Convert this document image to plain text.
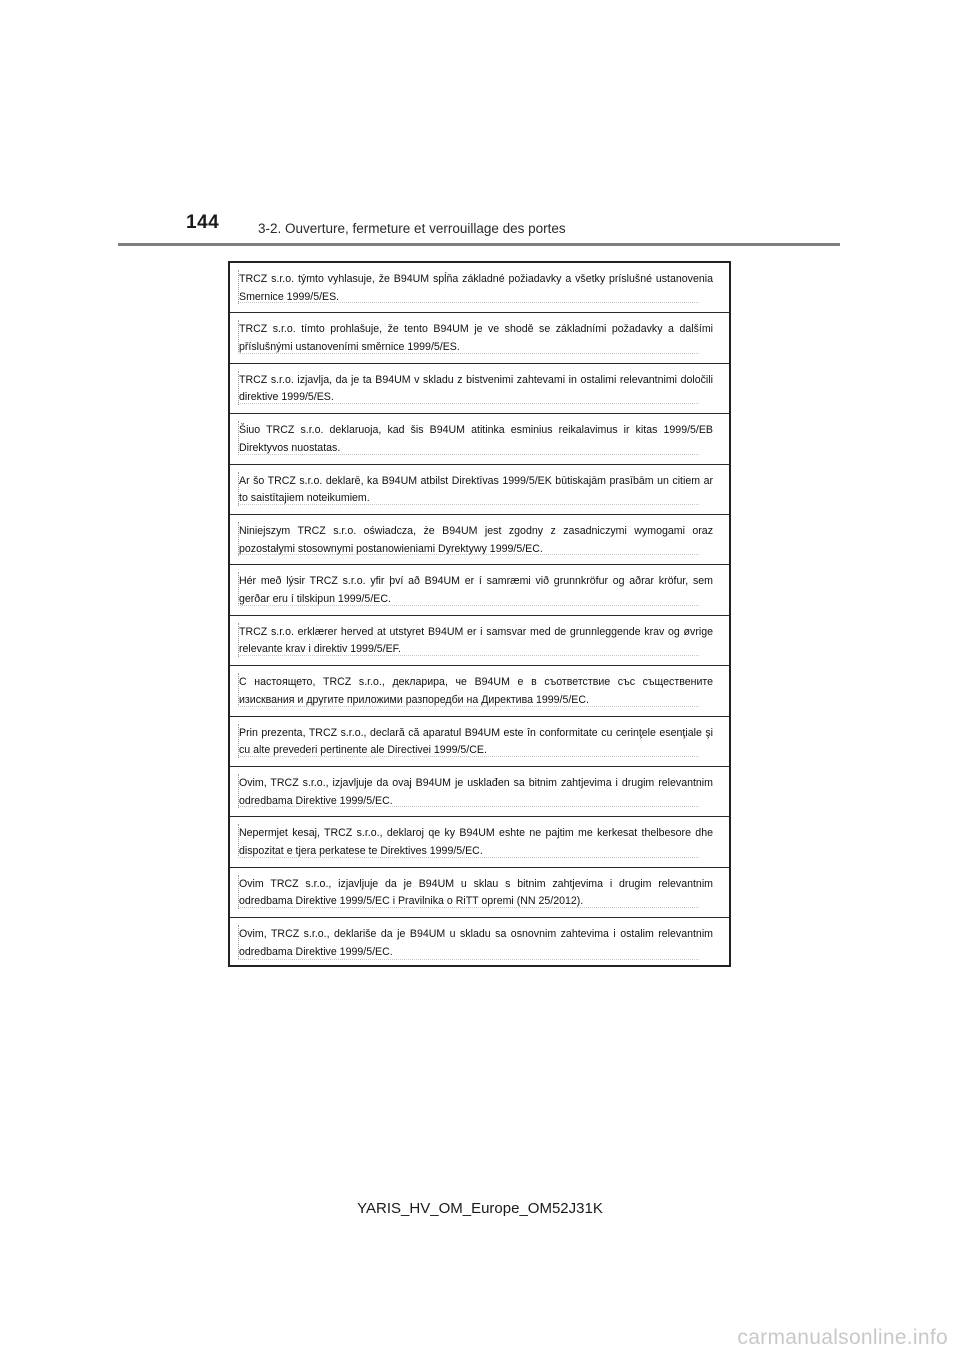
144	3-2. Ouverture, fermeture et verrouillage des portes
TRCZ s.r.o. týmto vyhlasuje, že B94UM spĺňa základné požiadavky a všetky príslušné ustanovenia Smernice 1999/5/ES.
TRCZ s.r.o. tímto prohlašuje, že tento B94UM je ve shodě se základními požadavky a dalšími příslušnými ustanoveními směrnice 1999/5/ES.
TRCZ s.r.o. izjavlja, da je ta B94UM v skladu z bistvenimi zahtevami in ostalimi relevantnimi določili direktive 1999/5/ES.
Šiuo TRCZ s.r.o. deklaruoja, kad šis B94UM atitinka esminius reikalavimus ir kitas 1999/5/EB Direktyvos nuostatas.
Ar šo TRCZ s.r.o. deklarē, ka B94UM atbilst Direktīvas 1999/5/EK būtiskajām prasībām un citiem ar to saistītajiem noteikumiem.
Niniejszym TRCZ s.r.o. oświadcza, że B94UM jest zgodny z zasadniczymi wymogami oraz pozostałymi stosownymi postanowieniami Dyrektywy 1999/5/EC.
Hér með lýsir TRCZ s.r.o. yfir því að B94UM er í samræmi við grunnkröfur og aðrar kröfur, sem gerðar eru í tilskipun 1999/5/EC.
TRCZ s.r.o. erklærer herved at utstyret B94UM er i samsvar med de grunnleggende krav og øvrige relevante krav i direktiv 1999/5/EF.
С настоящето, TRCZ s.r.o., декларира, че B94UM е в съответствие със съществените изисквания и другите приложими разпоредби на Директива 1999/5/EC.
Prin prezenta, TRCZ s.r.o., declară că aparatul B94UM este în conformitate cu cerinţele esenţiale şi cu alte prevederi pertinente ale Directivei 1999/5/CE.
Ovim, TRCZ s.r.o., izjavljuje da ovaj B94UM je usklađen sa bitnim zahtjevima i drugim relevantnim odredbama Direktive 1999/5/EC.
Nepermjet kesaj, TRCZ s.r.o., deklaroj qe ky B94UM eshte ne pajtim me kerkesat thelbesore dhe dispozitat e tjera perkatese te Direktives 1999/5/EC.
Ovim TRCZ s.r.o., izjavljuje da je B94UM u sklau s bitnim zahtjevima i drugim relevantnim odredbama Direktive 1999/5/EC i Pravilnika o RiTT opremi (NN 25/2012).
Ovim, TRCZ s.r.o., deklariše da je B94UM u skladu sa osnovnim zahtevima i ostalim relevantnim odredbama Direktive 1999/5/EC.
YARIS_HV_OM_Europe_OM52J31K
carmanualsonline.info
